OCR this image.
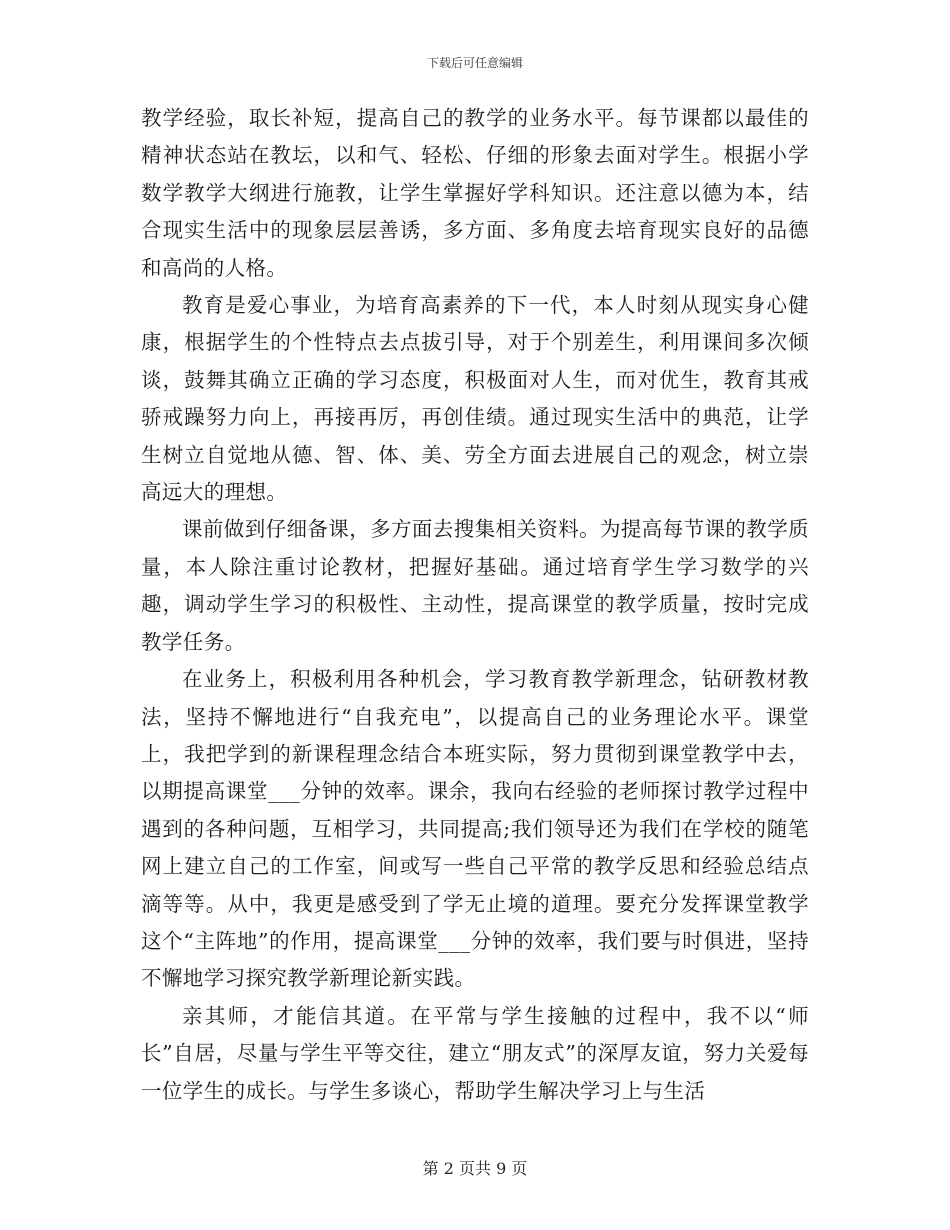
下载后可任意编辑

教学经验，取长补短，提高自己的教学的业务水平。每节课都以最佳的精神状态站在教坛，以和气、轻松、仔细的形象去面对学生。根据小学数学教学大纲进行施教，让学生掌握好学科知识。还注意以德为本，结合现实生活中的现象层层善诱，多方面、多角度去培育现实良好的品德和高尚的人格。

教育是爱心事业，为培育高素养的下一代，本人时刻从现实身心健康，根据学生的个性特点去点拔引导，对于个别差生，利用课间多次倾谈，鼓舞其确立正确的学习态度，积极面对人生，而对优生，教育其戒骄戒躁努力向上，再接再厉，再创佳绩。通过现实生活中的典范，让学生树立自觉地从德、智、体、美、劳全方面去进展自己的观念，树立崇高远大的理想。

课前做到仔细备课，多方面去搜集相关资料。为提高每节课的教学质量，本人除注重讨论教材，把握好基础。通过培育学生学习数学的兴趣，调动学生学习的积极性、主动性，提高课堂的教学质量，按时完成教学任务。

在业务上，积极利用各种机会，学习教育教学新理念，钻研教材教法，坚持不懈地进行“自我充电”，以提高自己的业务理论水平。课堂上，我把学到的新课程理念结合本班实际，努力贯彻到课堂教学中去，以期提高课堂___分钟的效率。课余，我向右经验的老师探讨教学过程中遇到的各种问题，互相学习，共同提高;我们领导还为我们在学校的随笔网上建立自己的工作室，间或写一些自己平常的教学反思和经验总结点滴等等。从中，我更是感受到了学无止境的道理。要充分发挥课堂教学这个“主阵地”的作用，提高课堂___分钟的效率，我们要与时俱进，坚持不懈地学习探究教学新理论新实践。

亲其师，才能信其道。在平常与学生接触的过程中，我不以“师长”自居，尽量与学生平等交往，建立“朋友式”的深厚友谊，努力关爱每一位学生的成长。与学生多谈心，帮助学生解决学习上与生活

第 2 页共 9 页
